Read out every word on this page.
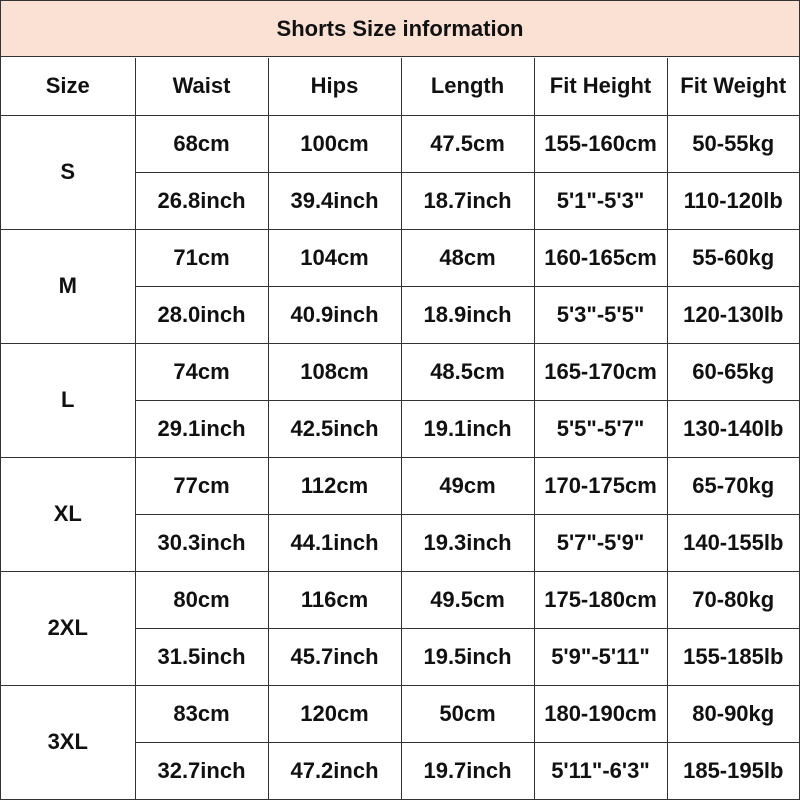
Shorts Size information
Size	Waist	Hips	Length	Fit Height	Fit Weight
S	68cm	100cm	47.5cm	155-160cm	50-55kg
	26.8inch	39.4inch	18.7inch	5'1"-5'3"	110-120lb
M	71cm	104cm	48cm	160-165cm	55-60kg
	28.0inch	40.9inch	18.9inch	5'3"-5'5"	120-130lb
L	74cm	108cm	48.5cm	165-170cm	60-65kg
	29.1inch	42.5inch	19.1inch	5'5"-5'7"	130-140lb
XL	77cm	112cm	49cm	170-175cm	65-70kg
	30.3inch	44.1inch	19.3inch	5'7"-5'9"	140-155lb
2XL	80cm	116cm	49.5cm	175-180cm	70-80kg
	31.5inch	45.7inch	19.5inch	5'9"-5'11"	155-185lb
3XL	83cm	120cm	50cm	180-190cm	80-90kg
	32.7inch	47.2inch	19.7inch	5'11"-6'3"	185-195lb
